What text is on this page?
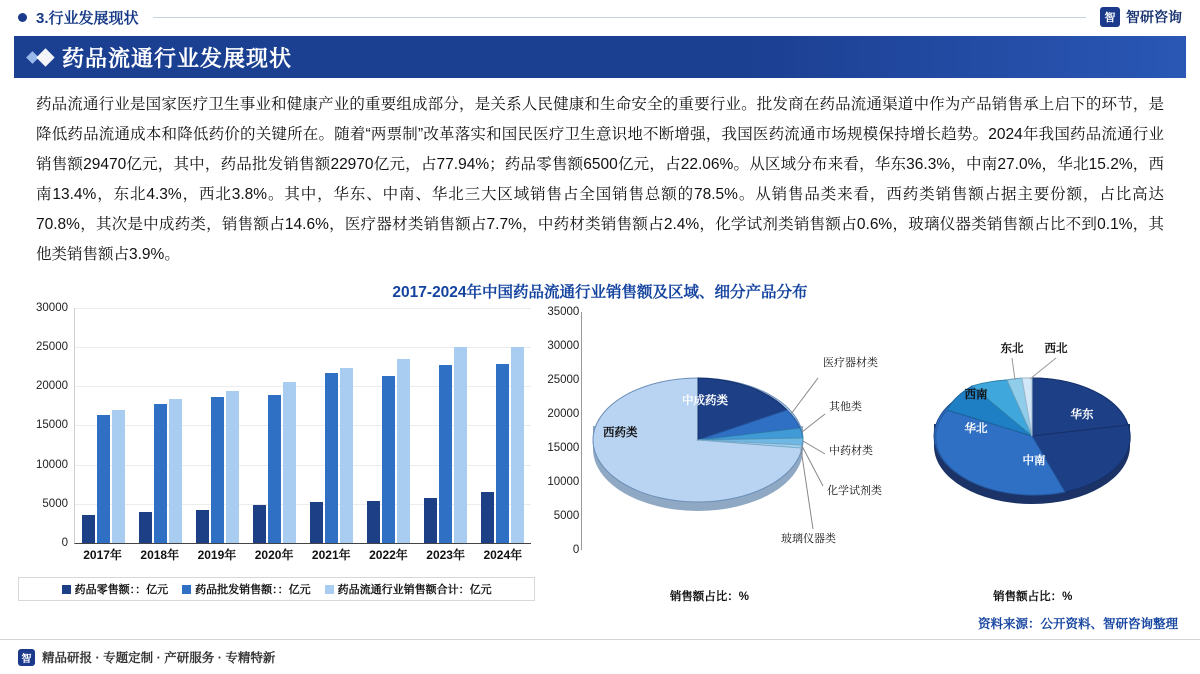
3.行业发展现状	智 智研咨询
药品流通行业发展现状
药品流通行业是国家医疗卫生事业和健康产业的重要组成部分，是关系人民健康和生命安全的重要行业。批发商在药品流通渠道中作为产品销售承上启下的环节，是降低药品流通成本和降低药价的关键所在。随着“两票制”改革落实和国民医疗卫生意识地不断增强，我国医药流通市场规模保持增长趋势。2024年我国药品流通行业销售额29470亿元，其中，药品批发销售额22970亿元，占77.94%；药品零售额6500亿元，占22.06%。从区域分布来看，华东36.3%，中南27.0%，华北15.2%，西南13.4%，东北4.3%，西北3.8%。其中，华东、中南、华北三大区域销售占全国销售总额的78.5%。从销售品类来看，西药类销售额占据主要份额，占比高达70.8%，其次是中成药类，销售额占14.6%，医疗器材类销售额占7.7%，中药材类销售额占2.4%，化学试剂类销售额占0.6%，玻璃仪器类销售额占比不到0.1%，其他类销售额占3.9%。
2017-2024年中国药品流通行业销售额及区域、细分产品分布
30000
25000
20000
15000
10000
5000
0
2017年	2018年	2019年	2020年	2021年	2022年	2023年	2024年
药品零售额：：亿元 药品批发销售额：：亿元 药品流通行业销售额合计：亿元
35000
30000
25000
20000
15000
10000
5000
0
西药类
中成药类
医疗器材类
其他类
中药材类
化学试剂类
玻璃仪器类
销售额占比：%
华东
中南
华北
西南
东北 西北
销售额占比：%
资料来源：公开资料、智研咨询整理
智 精品研报 · 专题定制 · 产研服务 · 专精特新
